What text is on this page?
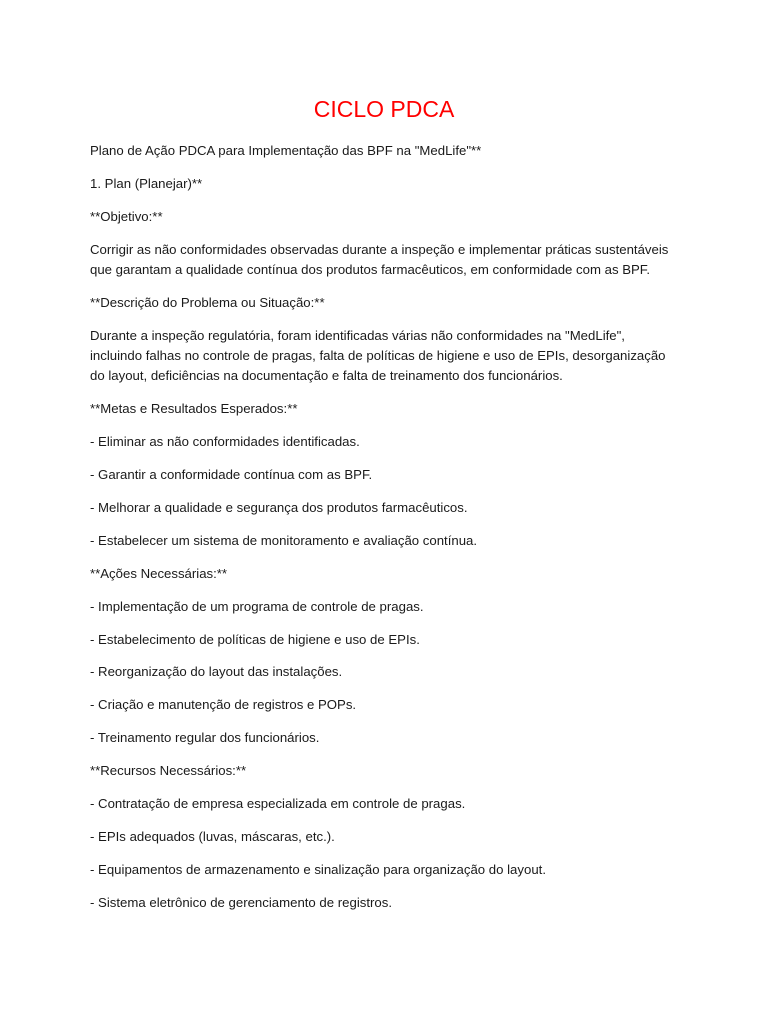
CICLO PDCA

Plano de Ação PDCA para Implementação das BPF na "MedLife"**

1. Plan (Planejar)**

**Objetivo:**

Corrigir as não conformidades observadas durante a inspeção e implementar práticas sustentáveis que garantam a qualidade contínua dos produtos farmacêuticos, em conformidade com as BPF.

**Descrição do Problema ou Situação:**

Durante a inspeção regulatória, foram identificadas várias não conformidades na "MedLife", incluindo falhas no controle de pragas, falta de políticas de higiene e uso de EPIs, desorganização do layout, deficiências na documentação e falta de treinamento dos funcionários.

**Metas e Resultados Esperados:**

- Eliminar as não conformidades identificadas.

- Garantir a conformidade contínua com as BPF.

- Melhorar a qualidade e segurança dos produtos farmacêuticos.

- Estabelecer um sistema de monitoramento e avaliação contínua.

**Ações Necessárias:**

- Implementação de um programa de controle de pragas.

- Estabelecimento de políticas de higiene e uso de EPIs.

- Reorganização do layout das instalações.

- Criação e manutenção de registros e POPs.

- Treinamento regular dos funcionários.

**Recursos Necessários:**

- Contratação de empresa especializada em controle de pragas.

- EPIs adequados (luvas, máscaras, etc.).

- Equipamentos de armazenamento e sinalização para organização do layout.

- Sistema eletrônico de gerenciamento de registros.
